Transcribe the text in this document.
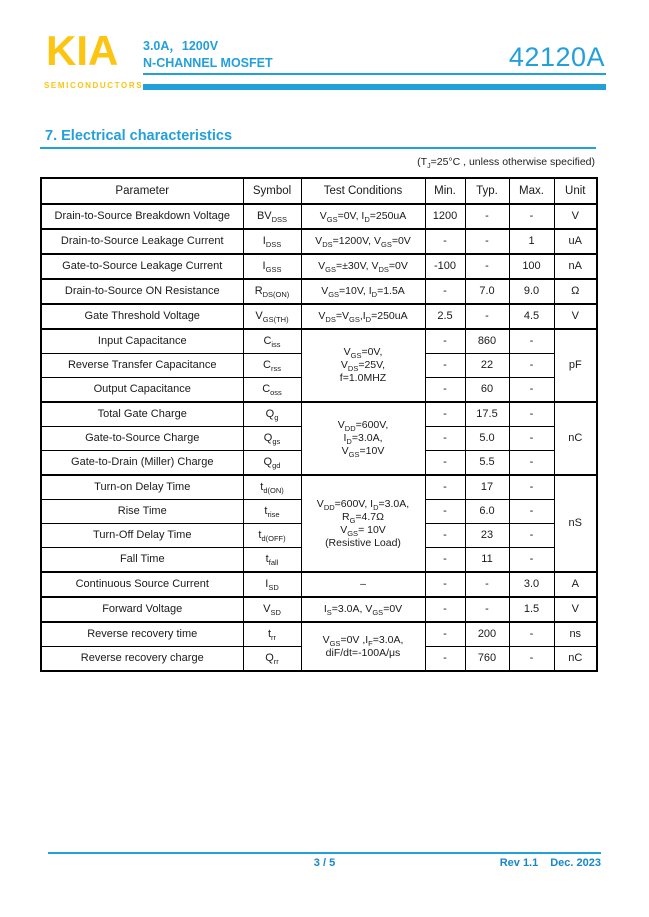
KIA
SEMICONDUCTORS
3.0A，1200V
N-CHANNEL MOSFET	42120A
7. Electrical characteristics
($T_J=25^\circ C$ , unless otherwise specified)
Parameter	Symbol	Test Conditions	Min.	Typ.	Max.	Unit
Drain-to-Source Breakdown Voltage	$BV_{DSS}$	$V_{GS}=0V$, $I_D=250uA$	1200	-	-	V
Drain-to-Source Leakage Current	$I_{DSS}$	$V_{DS}=1200V$, $V_{GS}=0V$	-	-	1	uA
Gate-to-Source Leakage Current	$I_{GSS}$	$V_{GS}=\pm 30V$, $V_{DS}=0V$	-100	-	100	nA
Drain-to-Source ON Resistance	$R_{DS(ON)}$	$V_{GS}=10V$, $I_D=1.5A$	-	7.0	9.0	Ω
Gate Threshold Voltage	$V_{GS(TH)}$	$V_{DS}=V_{GS},I_D=250uA$	2.5	-	4.5	V
Input Capacitance	$C_{iss}$	$V_{GS}=0V$,
$V_{DS}=25V$,
f=1.0MHZ	-	860	-	pF
Reverse Transfer Capacitance	$C_{rss}$		-	22	-	
Output Capacitance	$C_{oss}$		-	60	-	
Total Gate Charge	$Q_g$	$V_{DD}=600V$,
$I_D=3.0A$,
$V_{GS}=10V$	-	17.5	-	nC
Gate-to-Source Charge	$Q_{gs}$		-	5.0	-	
Gate-to-Drain (Miller) Charge	$Q_{gd}$		-	5.5	-	
Turn-on Delay Time	$t_{d(ON)}$	$V_{DD}=600V$, $I_D=3.0A$,
$R_G=4.7\Omega$
$V_{GS}= 10V$
(Resistive Load)	-	17	-	nS
Rise Time	$t_{rise}$		-	6.0	-	
Turn-Off Delay Time	$t_{d(OFF)}$		-	23	-	
Fall Time	$t_{fall}$		-	11	-	
Continuous Source Current	$I_{SD}$	–	-	-	3.0	A
Forward Voltage	$V_{SD}$	$I_S=3.0A$, $V_{GS}=0V$	-	-	1.5	V
Reverse recovery time	$t_{rr}$	$V_{GS}=0V$ $,I_F=3.0A$,
diF/dt=-100A/μs	-	200	-	ns
Reverse recovery charge	$Q_{rr}$		-	760	-	nC
3 / 5	Rev 1.1 Dec. 2023
